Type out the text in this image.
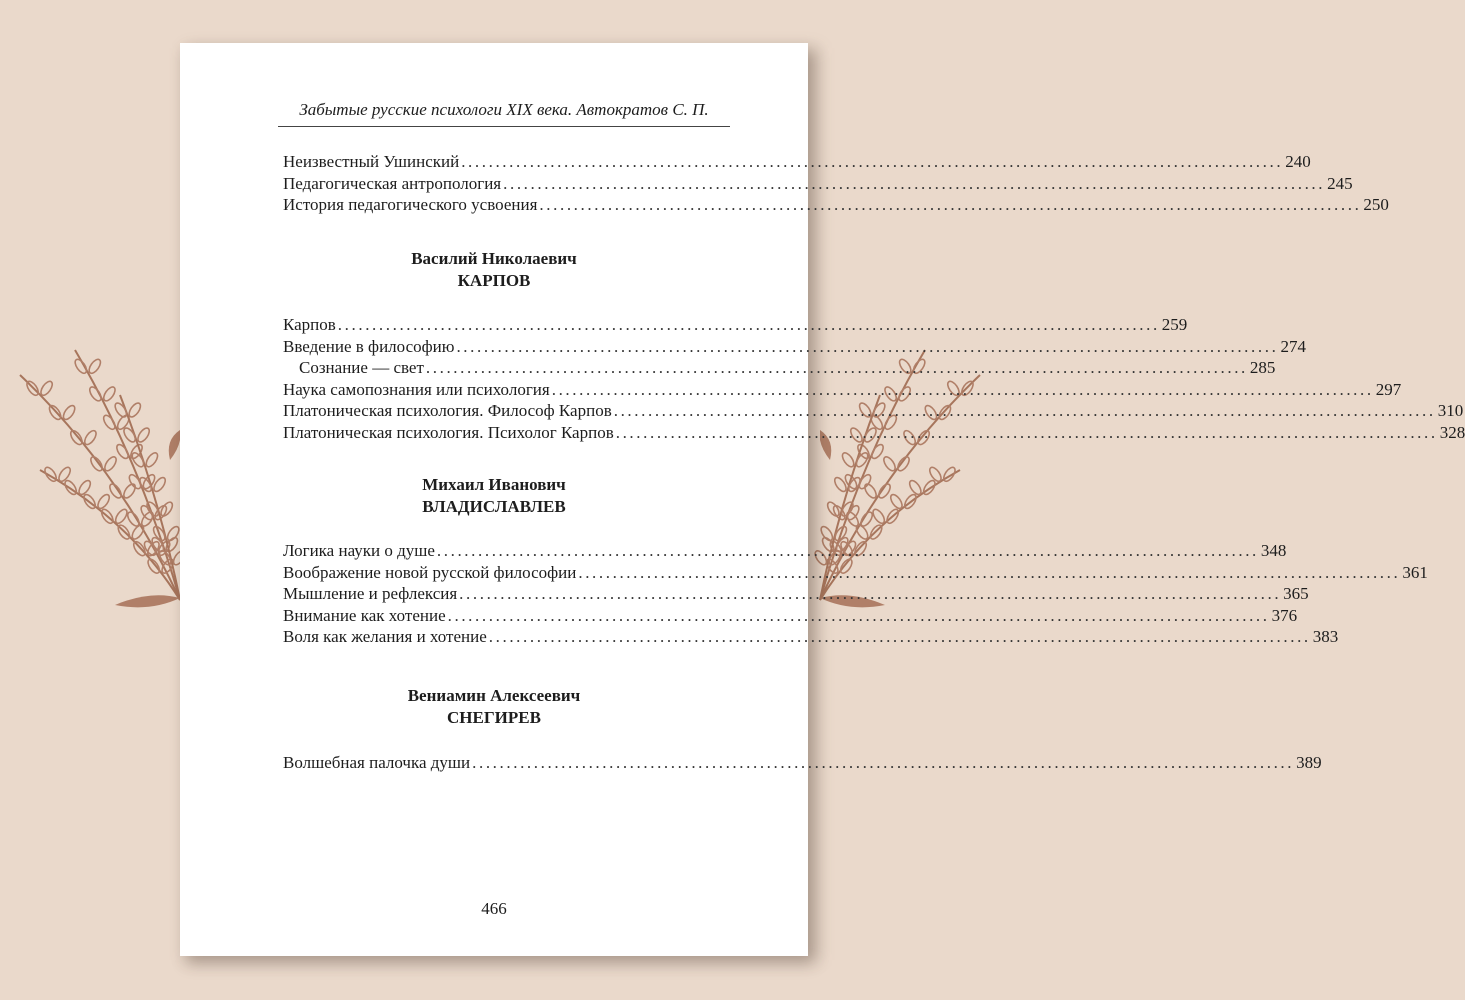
Забытые русские психологи XIX века. Автократов С. П.
Неизвестный Ушинский ........................................................................................................................ 240
Педагогическая антропология ........................................................................................................................ 245
История педагогического усвоения ........................................................................................................................ 250
Василий Николаевич
КАРПОВ
Карпов ........................................................................................................................ 259
Введение в философию ........................................................................................................................ 274
Сознание — свет ........................................................................................................................ 285
Наука самопознания или психология ........................................................................................................................ 297
Платоническая психология. Философ Карпов ........................................................................................................................ 310
Платоническая психология. Психолог Карпов ........................................................................................................................ 328
Михаил Иванович
ВЛАДИСЛАВЛЕВ
Логика науки о душе ........................................................................................................................ 348
Воображение новой русской философии ........................................................................................................................ 361
Мышление и рефлексия ........................................................................................................................ 365
Внимание как хотение ........................................................................................................................ 376
Воля как желания и хотение ........................................................................................................................ 383
Вениамин Алексеевич
СНЕГИРЕВ
Волшебная палочка души ........................................................................................................................ 389
466
